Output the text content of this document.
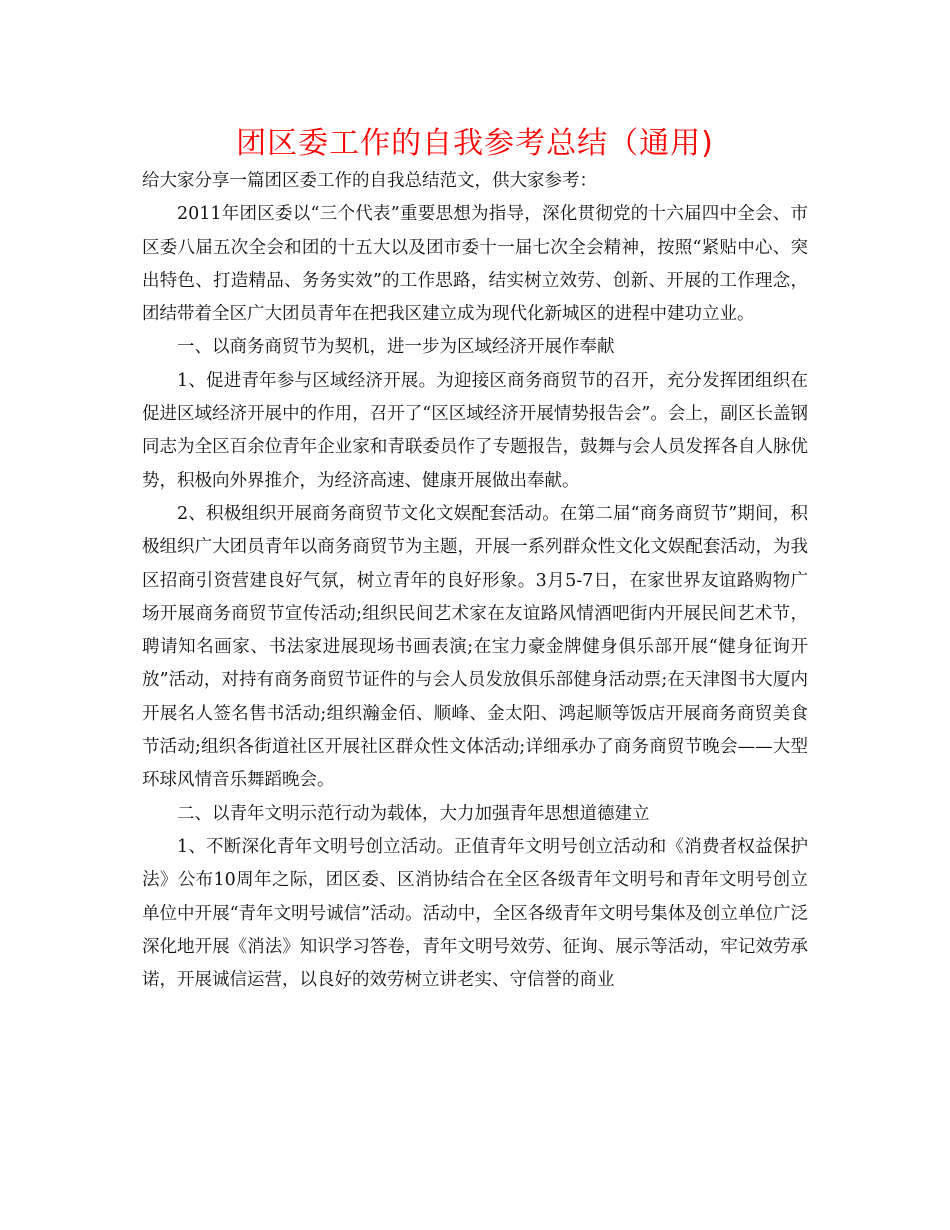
团区委工作的自我参考总结（通用)

给大家分享一篇团区委工作的自我总结范文，供大家参考：

2011年团区委以“三个代表”重要思想为指导，深化贯彻党的十六届四中全会、市区委八届五次全会和团的十五大以及团市委十一届七次全会精神，按照“紧贴中心、突出特色、打造精品、务务实效”的工作思路，结实树立效劳、创新、开展的工作理念，团结带着全区广大团员青年在把我区建立成为现代化新城区的进程中建功立业。

一、以商务商贸节为契机，进一步为区域经济开展作奉献

1、促进青年参与区域经济开展。为迎接区商务商贸节的召开，充分发挥团组织在促进区域经济开展中的作用，召开了“区区域经济开展情势报告会”。会上，副区长盖钢同志为全区百余位青年企业家和青联委员作了专题报告，鼓舞与会人员发挥各自人脉优势，积极向外界推介，为经济高速、健康开展做出奉献。

2、积极组织开展商务商贸节文化文娱配套活动。在第二届“商务商贸节”期间，积极组织广大团员青年以商务商贸节为主题，开展一系列群众性文化文娱配套活动，为我区招商引资营建良好气氛，树立青年的良好形象。3月5-7日，在家世界友谊路购物广场开展商务商贸节宣传活动;组织民间艺术家在友谊路风情酒吧街内开展民间艺术节，聘请知名画家、书法家进展现场书画表演;在宝力豪金牌健身俱乐部开展“健身征询开放”活动，对持有商务商贸节证件的与会人员发放俱乐部健身活动票;在天津图书大厦内开展名人签名售书活动;组织瀚金佰、顺峰、金太阳、鸿起顺等饭店开展商务商贸美食节活动;组织各街道社区开展社区群众性文体活动;详细承办了商务商贸节晚会——大型环球风情音乐舞蹈晚会。

二、以青年文明示范行动为载体，大力加强青年思想道德建立

1、不断深化青年文明号创立活动。正值青年文明号创立活动和《消费者权益保护法》公布10周年之际，团区委、区消协结合在全区各级青年文明号和青年文明号创立单位中开展“青年文明号诚信”活动。活动中，全区各级青年文明号集体及创立单位广泛深化地开展《消法》知识学习答卷，青年文明号效劳、征询、展示等活动，牢记效劳承诺，开展诚信运营，以良好的效劳树立讲老实、守信誉的商业
